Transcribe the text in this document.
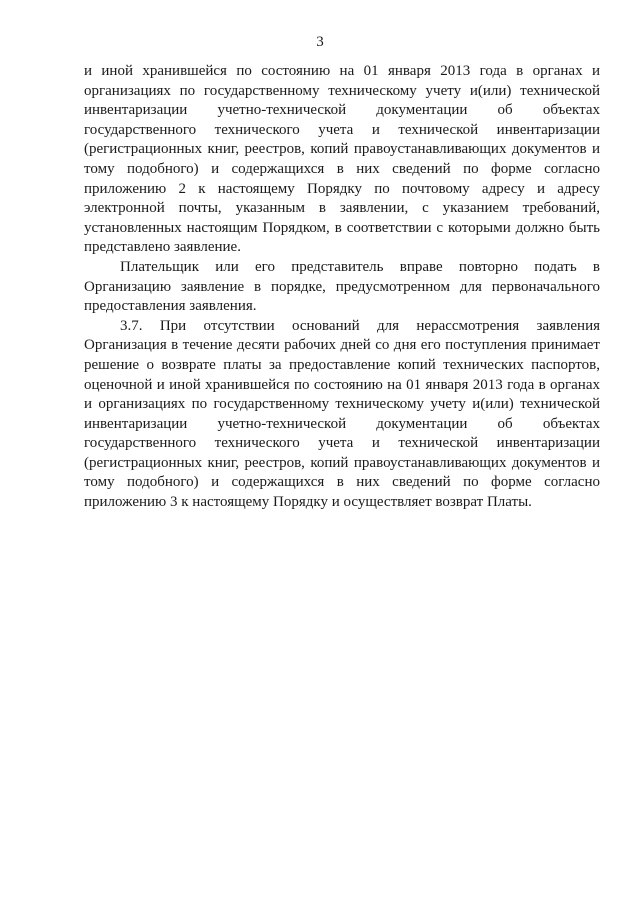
3

и иной хранившейся по состоянию на 01 января 2013 года в органах и организациях по государственному техническому учету и(или) технической инвентаризации учетно-технической документации об объектах государственного технического учета и технической инвентаризации (регистрационных книг, реестров, копий правоустанавливающих документов и тому подобного) и содержащихся в них сведений по форме согласно приложению 2 к настоящему Порядку по почтовому адресу и адресу электронной почты, указанным в заявлении, с указанием требований, установленных настоящим Порядком, в соответствии с которыми должно быть представлено заявление.

Плательщик или его представитель вправе повторно подать в Организацию заявление в порядке, предусмотренном для первоначального предоставления заявления.

3.7. При отсутствии оснований для нерассмотрения заявления Организация в течение десяти рабочих дней со дня его поступления принимает решение о возврате платы за предоставление копий технических паспортов, оценочной и иной хранившейся по состоянию на 01 января 2013 года в органах и организациях по государственному техническому учету и(или) технической инвентаризации учетно-технической документации об объектах государственного технического учета и технической инвентаризации (регистрационных книг, реестров, копий правоустанавливающих документов и тому подобного) и содержащихся в них сведений по форме согласно приложению 3 к настоящему Порядку и осуществляет возврат Платы.
